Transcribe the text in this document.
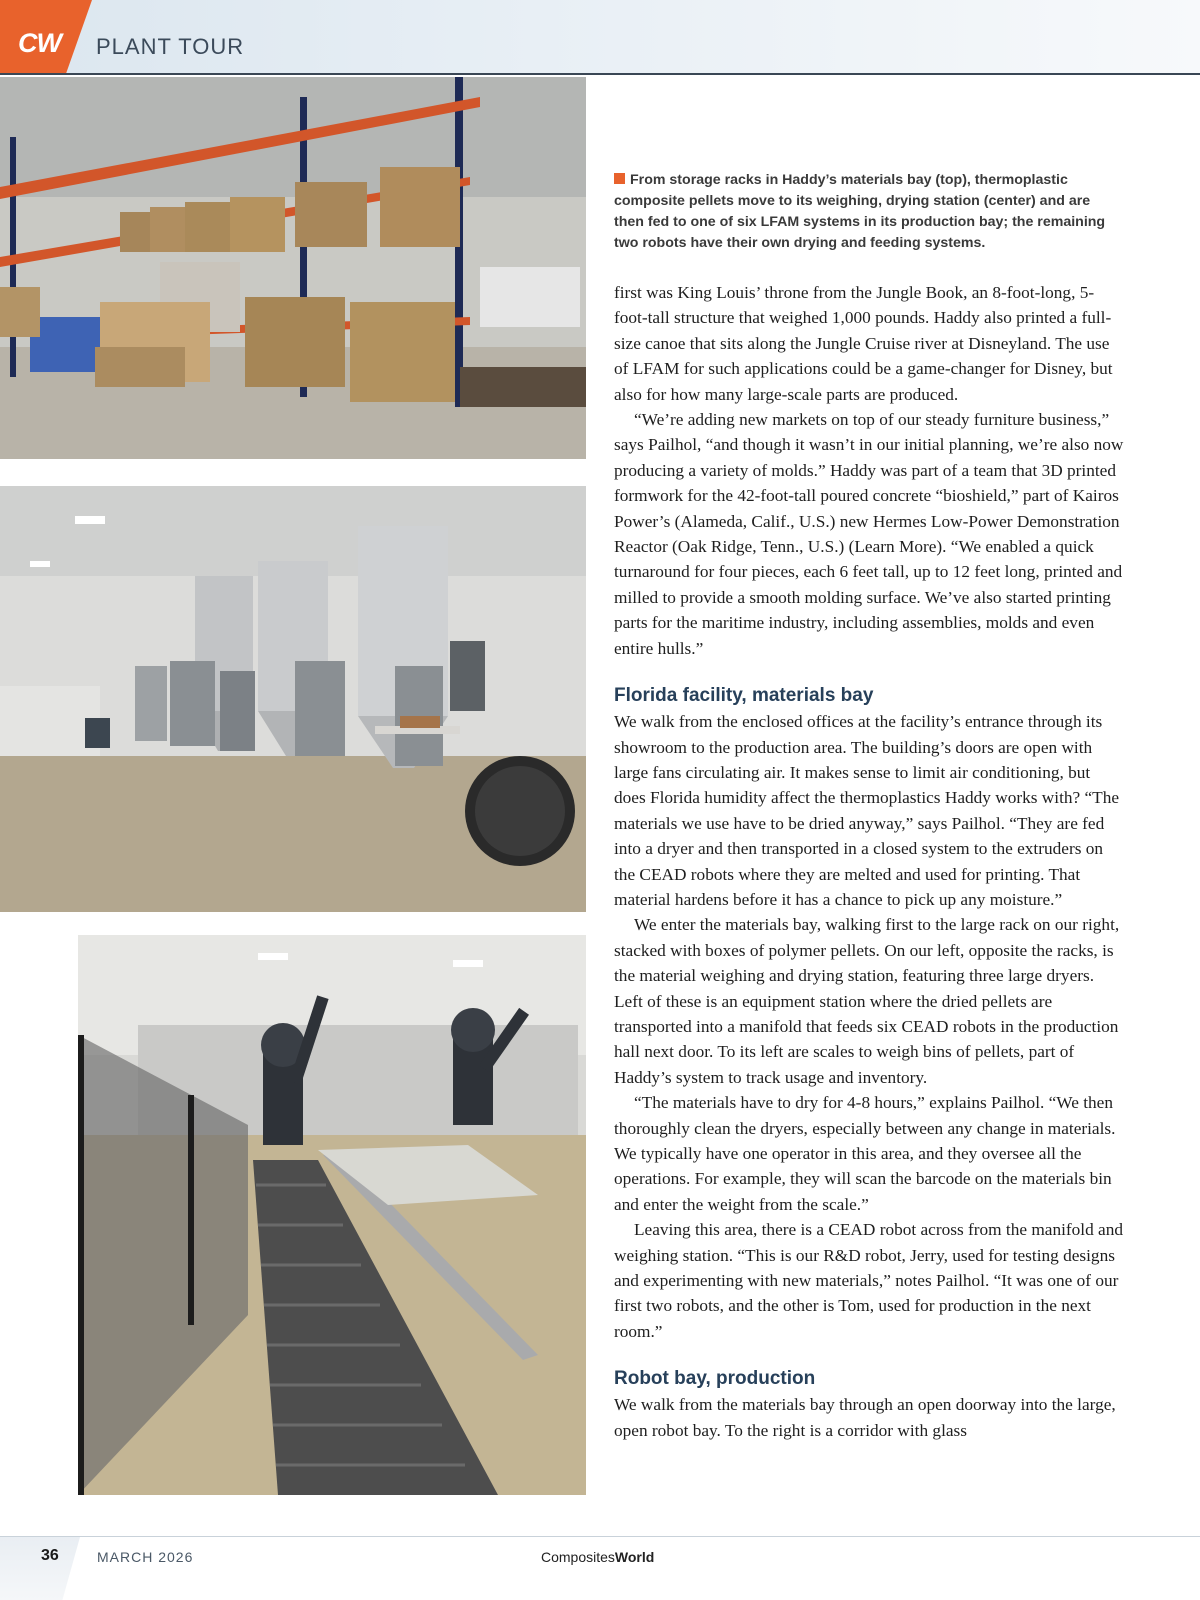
CW PLANT TOUR
From storage racks in Haddy’s materials bay (top), thermoplastic composite pellets move to its weighing, drying station (center) and are then fed to one of six LFAM systems in its production bay; the remaining two robots have their own drying and feeding systems.

first was King Louis’ throne from the Jungle Book, an 8-foot-long, 5-foot-tall structure that weighed 1,000 pounds. Haddy also printed a full-size canoe that sits along the Jungle Cruise river at Disneyland. The use of LFAM for such applications could be a game-changer for Disney, but also for how many large-scale parts are produced.

“We’re adding new markets on top of our steady furniture business,” says Pailhol, “and though it wasn’t in our initial planning, we’re also now producing a variety of molds.” Haddy was part of a team that 3D printed formwork for the 42-foot-tall poured concrete “bioshield,” part of Kairos Power’s (Alameda, Calif., U.S.) new Hermes Low-Power Demonstration Reactor (Oak Ridge, Tenn., U.S.) (Learn More). “We enabled a quick turnaround for four pieces, each 6 feet tall, up to 12 feet long, printed and milled to provide a smooth molding surface. We’ve also started printing parts for the maritime industry, including assemblies, molds and even entire hulls.”

Florida facility, materials bay

We walk from the enclosed offices at the facility’s entrance through its showroom to the production area. The building’s doors are open with large fans circulating air. It makes sense to limit air conditioning, but does Florida humidity affect the thermoplastics Haddy works with? “The materials we use have to be dried anyway,” says Pailhol. “They are fed into a dryer and then transported in a closed system to the extruders on the CEAD robots where they are melted and used for printing. That material hardens before it has a chance to pick up any moisture.”

We enter the materials bay, walking first to the large rack on our right, stacked with boxes of polymer pellets. On our left, opposite the racks, is the material weighing and drying station, featuring three large dryers. Left of these is an equipment station where the dried pellets are transported into a manifold that feeds six CEAD robots in the production hall next door. To its left are scales to weigh bins of pellets, part of Haddy’s system to track usage and inventory.

“The materials have to dry for 4-8 hours,” explains Pailhol. “We then thoroughly clean the dryers, especially between any change in materials. We typically have one operator in this area, and they oversee all the operations. For example, they will scan the barcode on the materials bin and enter the weight from the scale.”

Leaving this area, there is a CEAD robot across from the manifold and weighing station. “This is our R&D robot, Jerry, used for testing designs and experimenting with new materials,” notes Pailhol. “It was one of our first two robots, and the other is Tom, used for production in the next room.”

Robot bay, production

We walk from the materials bay through an open doorway into the large, open robot bay. To the right is a corridor with glass

36	MARCH 2026	CompositesWorld
